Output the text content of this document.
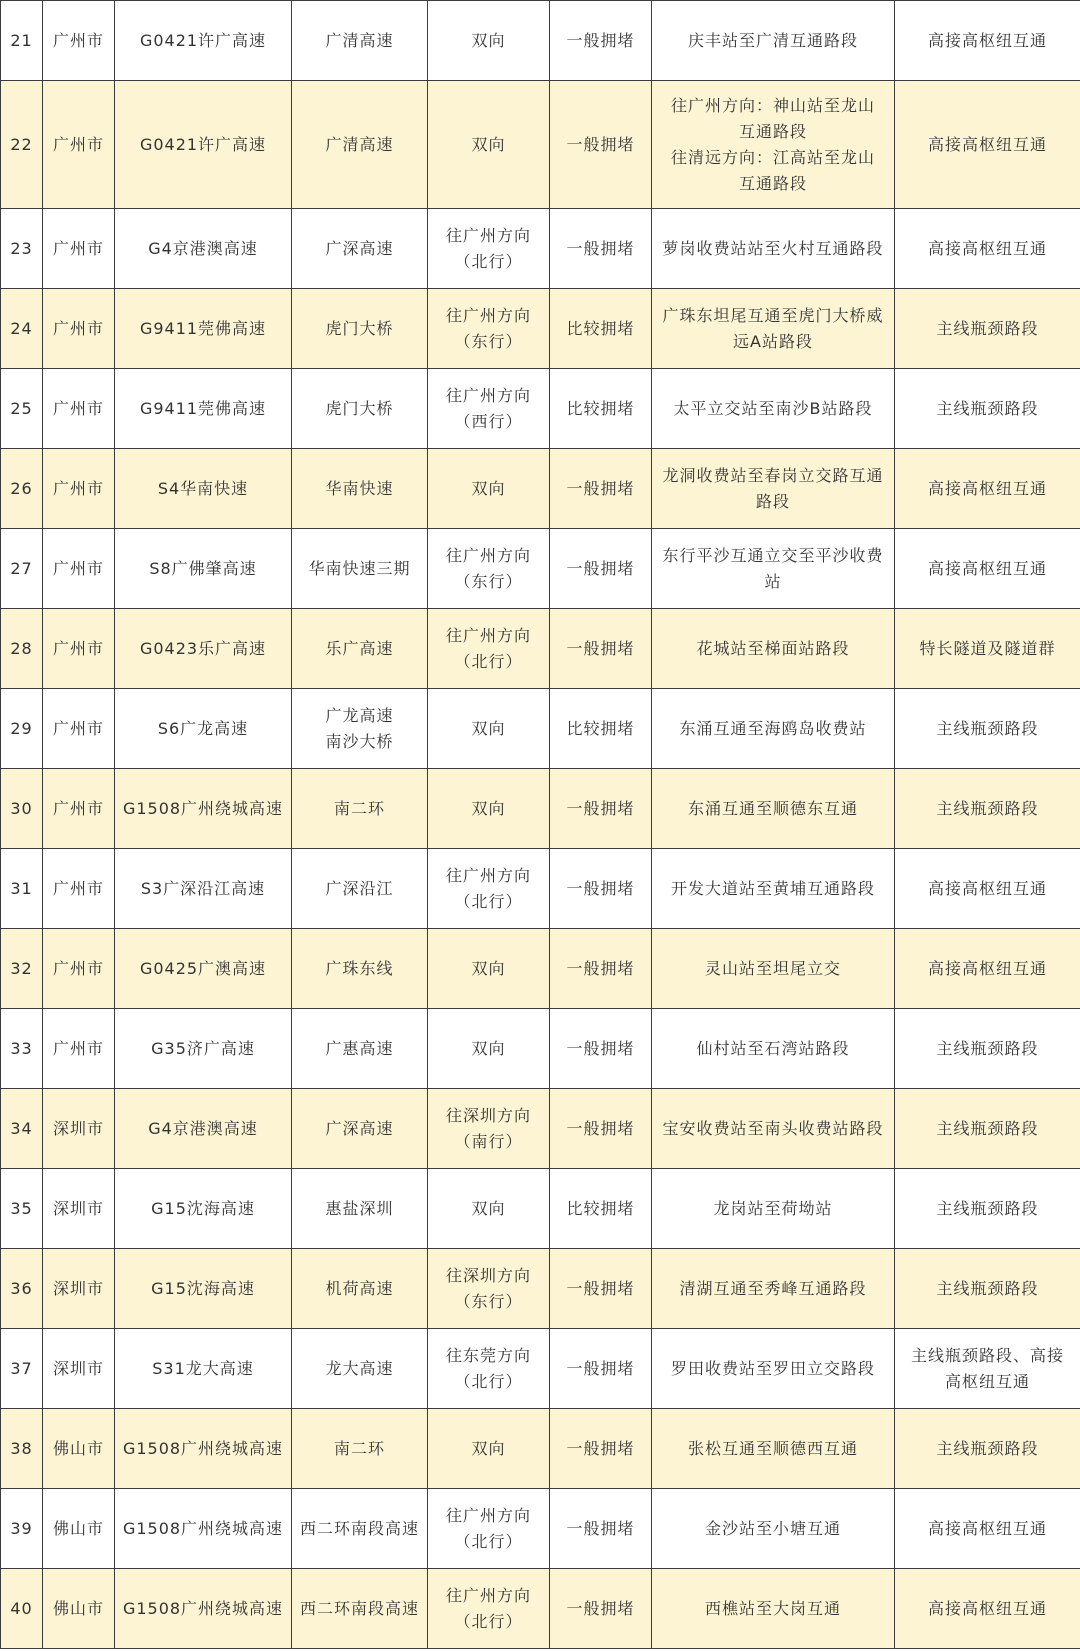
21	广州市	G0421许广高速	广清高速	双向	一般拥堵	庆丰站至广清互通路段	高接高枢纽互通
22	广州市	G0421许广高速	广清高速	双向	一般拥堵	往广州方向：神山站至龙山
互通路段
往清远方向：江高站至龙山
互通路段	高接高枢纽互通
23	广州市	G4京港澳高速	广深高速	往广州方向
（北行）	一般拥堵	萝岗收费站站至火村互通路段	高接高枢纽互通
24	广州市	G9411莞佛高速	虎门大桥	往广州方向
（东行）	比较拥堵	广珠东坦尾互通至虎门大桥威
远A站路段	主线瓶颈路段
25	广州市	G9411莞佛高速	虎门大桥	往广州方向
（西行）	比较拥堵	太平立交站至南沙B站路段	主线瓶颈路段
26	广州市	S4华南快速	华南快速	双向	一般拥堵	龙洞收费站至春岗立交路互通
路段	高接高枢纽互通
27	广州市	S8广佛肇高速	华南快速三期	往广州方向
（东行）	一般拥堵	东行平沙互通立交至平沙收费
站	高接高枢纽互通
28	广州市	G0423乐广高速	乐广高速	往广州方向
（北行）	一般拥堵	花城站至梯面站路段	特长隧道及隧道群
29	广州市	S6广龙高速	广龙高速
南沙大桥	双向	比较拥堵	东涌互通至海鸥岛收费站	主线瓶颈路段
30	广州市	G1508广州绕城高速	南二环	双向	一般拥堵	东涌互通至顺德东互通	主线瓶颈路段
31	广州市	S3广深沿江高速	广深沿江	往广州方向
（北行）	一般拥堵	开发大道站至黄埔互通路段	高接高枢纽互通
32	广州市	G0425广澳高速	广珠东线	双向	一般拥堵	灵山站至坦尾立交	高接高枢纽互通
33	广州市	G35济广高速	广惠高速	双向	一般拥堵	仙村站至石湾站路段	主线瓶颈路段
34	深圳市	G4京港澳高速	广深高速	往深圳方向
（南行）	一般拥堵	宝安收费站至南头收费站路段	主线瓶颈路段
35	深圳市	G15沈海高速	惠盐深圳	双向	比较拥堵	龙岗站至荷坳站	主线瓶颈路段
36	深圳市	G15沈海高速	机荷高速	往深圳方向
（东行）	一般拥堵	清湖互通至秀峰互通路段	主线瓶颈路段
37	深圳市	S31龙大高速	龙大高速	往东莞方向
（北行）	一般拥堵	罗田收费站至罗田立交路段	主线瓶颈路段、高接
高枢纽互通
38	佛山市	G1508广州绕城高速	南二环	双向	一般拥堵	张松互通至顺德西互通	主线瓶颈路段
39	佛山市	G1508广州绕城高速	西二环南段高速	往广州方向
（北行）	一般拥堵	金沙站至小塘互通	高接高枢纽互通
40	佛山市	G1508广州绕城高速	西二环南段高速	往广州方向
（北行）	一般拥堵	西樵站至大岗互通	高接高枢纽互通
